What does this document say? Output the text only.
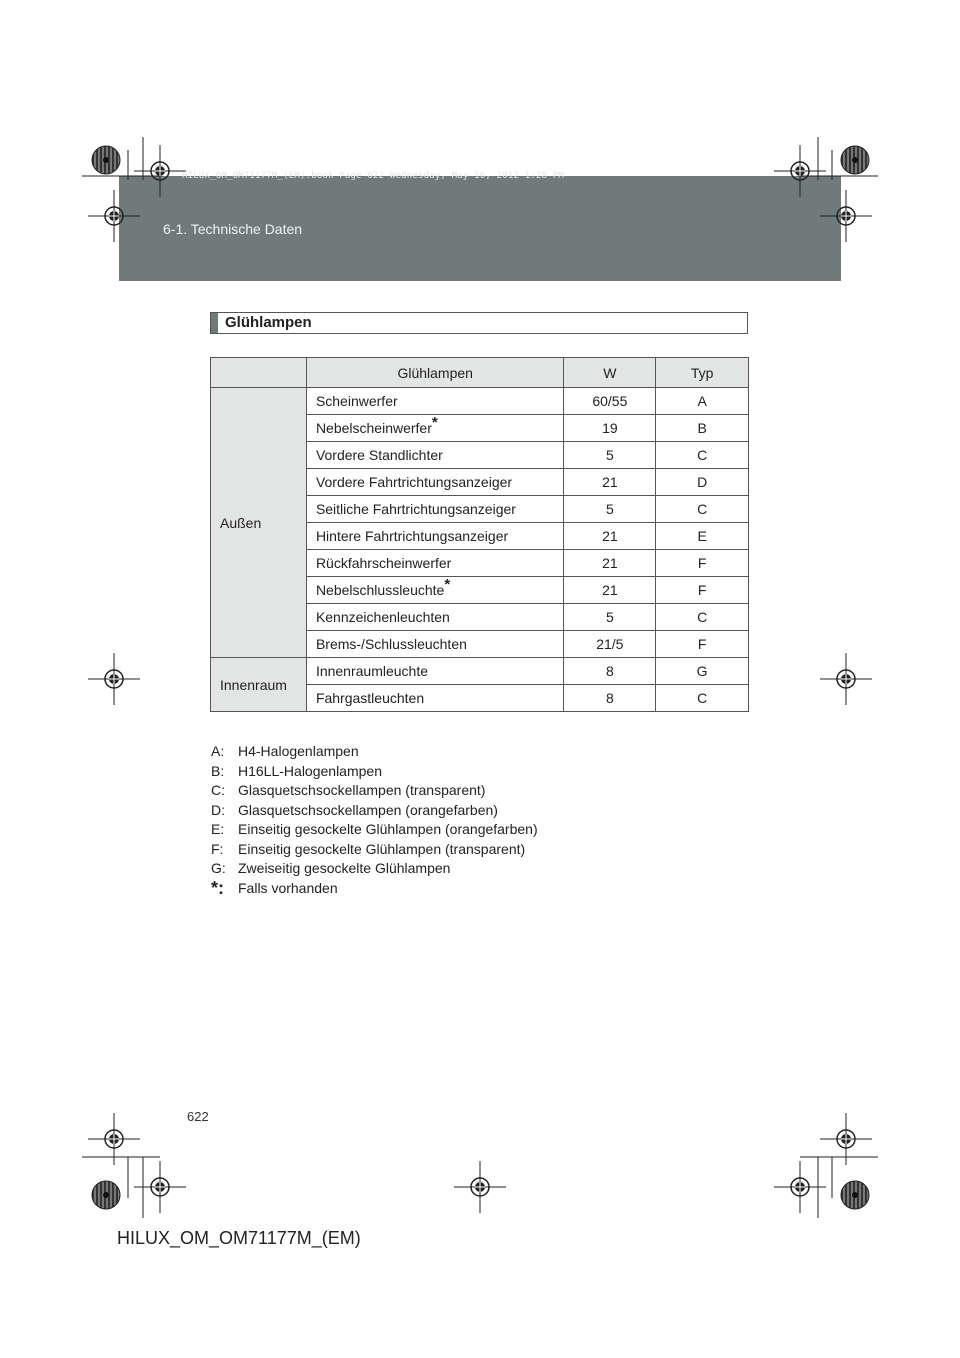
HILUX_OM_OM71177M_(EM).book Page 622 Wednesday, May 16, 2012 1:28 PM
6-1. Technische Daten
Glühlampen
	Glühlampen	W	Typ
Außen	Scheinwerfer	60/55	A
	Nebelscheinwerfer*	19	B
	Vordere Standlichter	5	C
	Vordere Fahrtrichtungsanzeiger	21	D
	Seitliche Fahrtrichtungsanzeiger	5	C
	Hintere Fahrtrichtungsanzeiger	21	E
	Rückfahrscheinwerfer	21	F
	Nebelschlussleuchte*	21	F
	Kennzeichenleuchten	5	C
	Brems-/Schlussleuchten	21/5	F
Innenraum	Innenraumleuchte	8	G
	Fahrgastleuchten	8	C
A: H4-Halogenlampen
B: H16LL-Halogenlampen
C: Glasquetschsockellampen (transparent)
D: Glasquetschsockellampen (orangefarben)
E: Einseitig gesockelte Glühlampen (orangefarben)
F:	Einseitig gesockelte Glühlampen (transparent)
G: Zweiseitig gesockelte Glühlampen
*:	Falls vorhanden
622
HILUX_OM_OM71177M_(EM)
